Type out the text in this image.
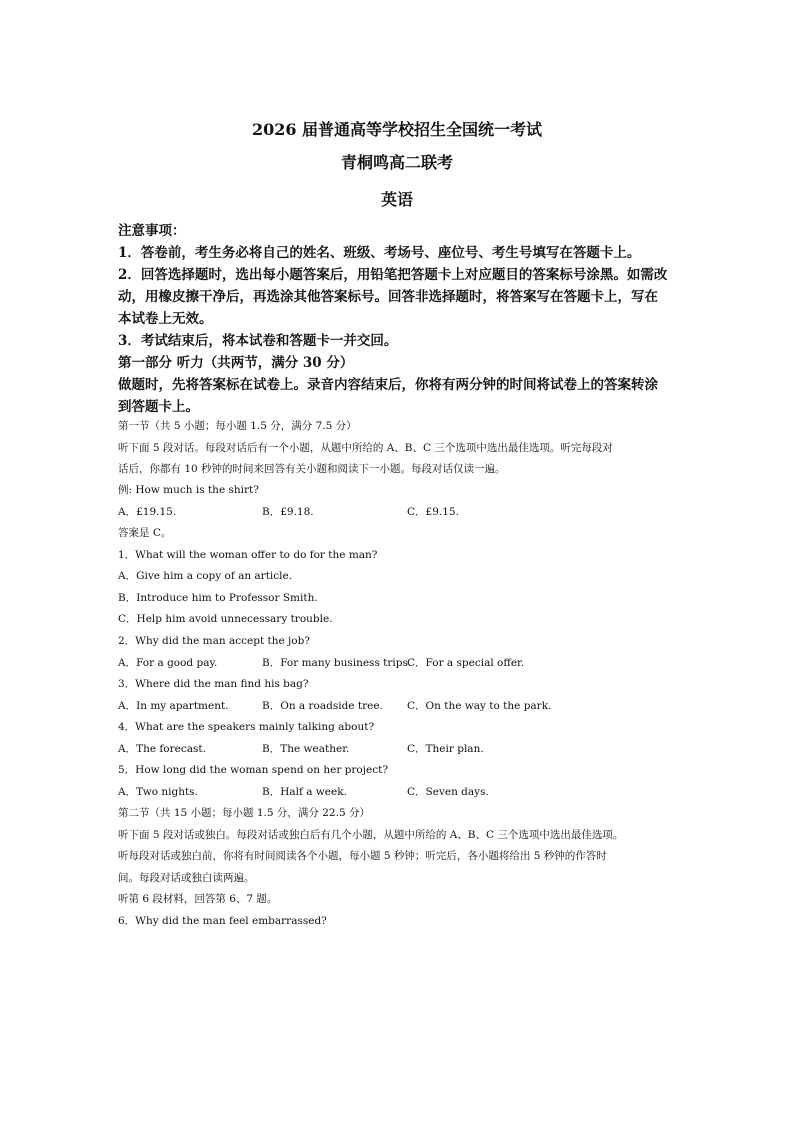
2026 届普通高等学校招生全国统一考试
青桐鸣高二联考
英语
注意事项：
1．答卷前，考生务必将自己的姓名、班级、考场号、座位号、考生号填写在答题卡上。
2．回答选择题时，选出每小题答案后，用铅笔把答题卡上对应题目的答案标号涂黑。如需改
动，用橡皮擦干净后，再选涂其他答案标号。回答非选择题时，将答案写在答题卡上，写在
本试卷上无效。
3．考试结束后，将本试卷和答题卡一并交回。
第一部分 听力（共两节，满分 30 分）
做题时，先将答案标在试卷上。录音内容结束后，你将有两分钟的时间将试卷上的答案转涂
到答题卡上。
第一节（共 5 小题；每小题 1.5 分，满分 7.5 分）
听下面 5 段对话。每段对话后有一个小题，从题中所给的 A、B、C 三个选项中选出最佳选项。听完每段对
话后，你都有 10 秒钟的时间来回答有关小题和阅读下一小题。每段对话仅读一遍。
例: How much is the shirt?
A．£19.15.	B．£9.18.	C．£9.15.
答案是 C。
1．What will the woman offer to do for the man?
A．Give him a copy of an article.
B．Introduce him to Professor Smith.
C．Help him avoid unnecessary trouble.
2．Why did the man accept the job?
A．For a good pay.	B．For many business trips.
C．For a special offer.
3．Where did the man find his bag?
A．In my apartment.	B．On a roadside tree. C．On the way to the park.
4．What are the speakers mainly talking about?
A．The forecast.	B．The weather.	C．Their plan.
5．How long did the woman spend on her project?
A．Two nights.	B．Half a week.	C．Seven days.
第二节（共 15 小题；每小题 1.5 分，满分 22.5 分）
听下面 5 段对话或独白。每段对话或独白后有几个小题，从题中所给的 A、B、C 三个选项中选出最佳选项。
听每段对话或独白前，你将有时间阅读各个小题，每小题 5 秒钟；听完后，各小题将给出 5 秒钟的作答时
间。每段对话或独白读两遍。
听第 6 段材料，回答第 6、7 题。
6．Why did the man feel embarrassed?
